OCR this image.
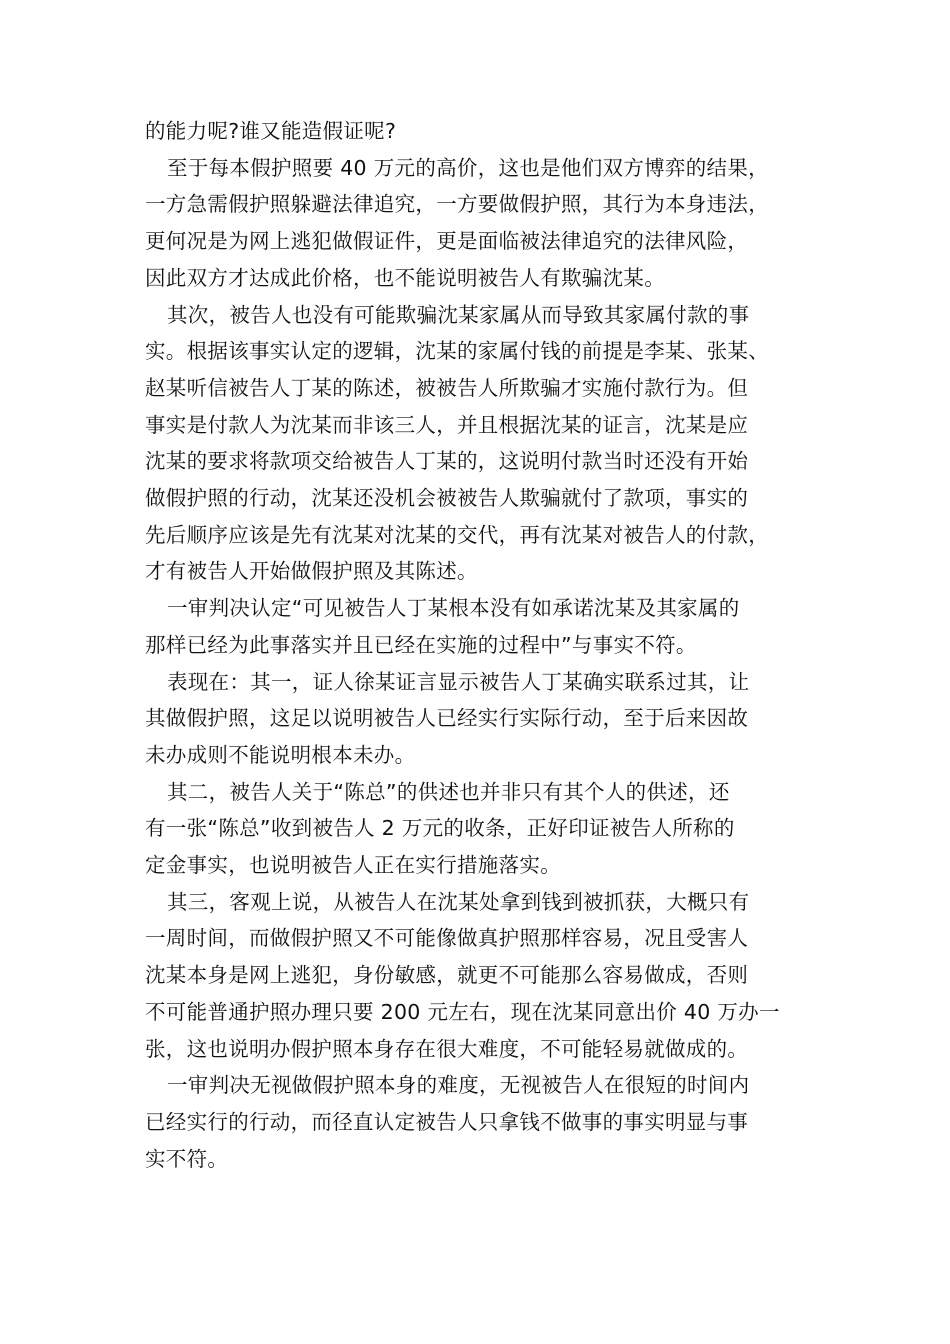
的能力呢?谁又能造假证呢?
至于每本假护照要 40 万元的高价，这也是他们双方博弈的结果，
一方急需假护照躲避法律追究，一方要做假护照，其行为本身违法，
更何况是为网上逃犯做假证件，更是面临被法律追究的法律风险，
因此双方才达成此价格，也不能说明被告人有欺骗沈某。
其次，被告人也没有可能欺骗沈某家属从而导致其家属付款的事
实。根据该事实认定的逻辑，沈某的家属付钱的前提是李某、张某、
赵某听信被告人丁某的陈述，被被告人所欺骗才实施付款行为。但
事实是付款人为沈某而非该三人，并且根据沈某的证言，沈某是应
沈某的要求将款项交给被告人丁某的，这说明付款当时还没有开始
做假护照的行动，沈某还没机会被被告人欺骗就付了款项，事实的
先后顺序应该是先有沈某对沈某的交代，再有沈某对被告人的付款，
才有被告人开始做假护照及其陈述。
一审判决认定“可见被告人丁某根本没有如承诺沈某及其家属的
那样已经为此事落实并且已经在实施的过程中”与事实不符。
表现在：其一，证人徐某证言显示被告人丁某确实联系过其，让
其做假护照，这足以说明被告人已经实行实际行动，至于后来因故
未办成则不能说明根本未办。
其二，被告人关于“陈总”的供述也并非只有其个人的供述，还
有一张“陈总”收到被告人 2 万元的收条，正好印证被告人所称的
定金事实，也说明被告人正在实行措施落实。
其三，客观上说，从被告人在沈某处拿到钱到被抓获，大概只有
一周时间，而做假护照又不可能像做真护照那样容易，况且受害人
沈某本身是网上逃犯，身份敏感，就更不可能那么容易做成，否则
不可能普通护照办理只要 200 元左右，现在沈某同意出价 40 万办一
张，这也说明办假护照本身存在很大难度，不可能轻易就做成的。
一审判决无视做假护照本身的难度，无视被告人在很短的时间内
已经实行的行动，而径直认定被告人只拿钱不做事的事实明显与事
实不符。
